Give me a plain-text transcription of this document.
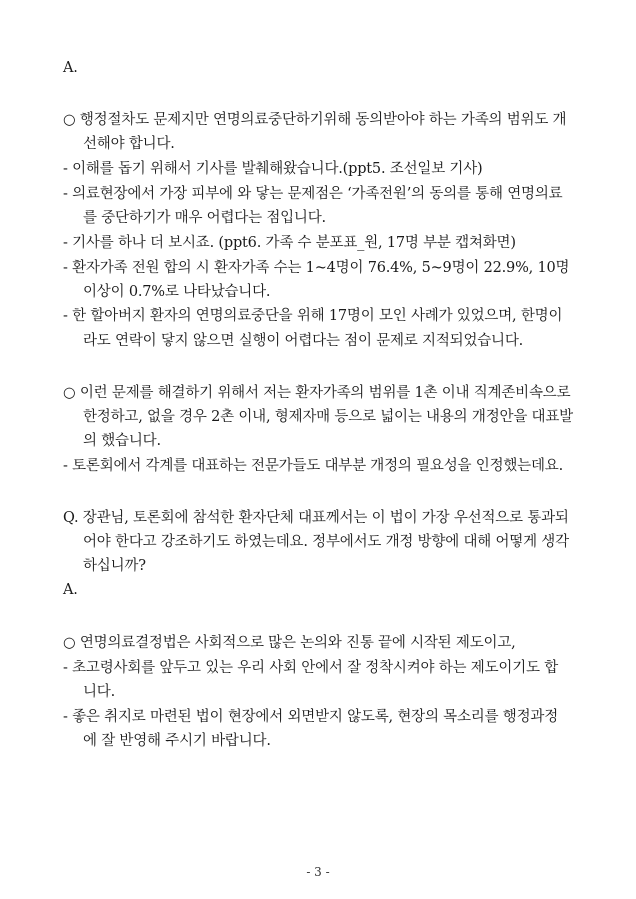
A.
○ 행정절차도 문제지만 연명의료중단하기위해 동의받아야 하는 가족의 범위도 개
선해야 합니다.
- 이해를 돕기 위해서 기사를 발췌해왔습니다.(ppt5. 조선일보 기사)
- 의료현장에서 가장 피부에 와 닿는 문제점은 ‘가족전원’의 동의를 통해 연명의료
를 중단하기가 매우 어렵다는 점입니다.
- 기사를 하나 더 보시죠. (ppt6. 가족 수 분포표_원, 17명 부분 캡쳐화면)
- 환자가족 전원 합의 시 환자가족 수는 1~4명이 76.4%, 5~9명이 22.9%, 10명
이상이 0.7%로 나타났습니다.
- 한 할아버지 환자의 연명의료중단을 위해 17명이 모인 사례가 있었으며, 한명이
라도 연락이 닿지 않으면 실행이 어렵다는 점이 문제로 지적되었습니다.
○ 이런 문제를 해결하기 위해서 저는 환자가족의 범위를 1촌 이내 직계존비속으로
한정하고, 없을 경우 2촌 이내, 형제자매 등으로 넓이는 내용의 개정안을 대표발
의 했습니다.
- 토론회에서 각계를 대표하는 전문가들도 대부분 개정의 필요성을 인정했는데요.
Q. 장관님, 토론회에 참석한 환자단체 대표께서는 이 법이 가장 우선적으로 통과되
어야 한다고 강조하기도 하였는데요. 정부에서도 개정 방향에 대해 어떻게 생각
하십니까?
A.
○ 연명의료결정법은 사회적으로 많은 논의와 진통 끝에 시작된 제도이고,
- 초고령사회를 앞두고 있는 우리 사회 안에서 잘 정착시켜야 하는 제도이기도 합
니다.
- 좋은 취지로 마련된 법이 현장에서 외면받지 않도록, 현장의 목소리를 행정과정
에 잘 반영해 주시기 바랍니다.
- 3 -
